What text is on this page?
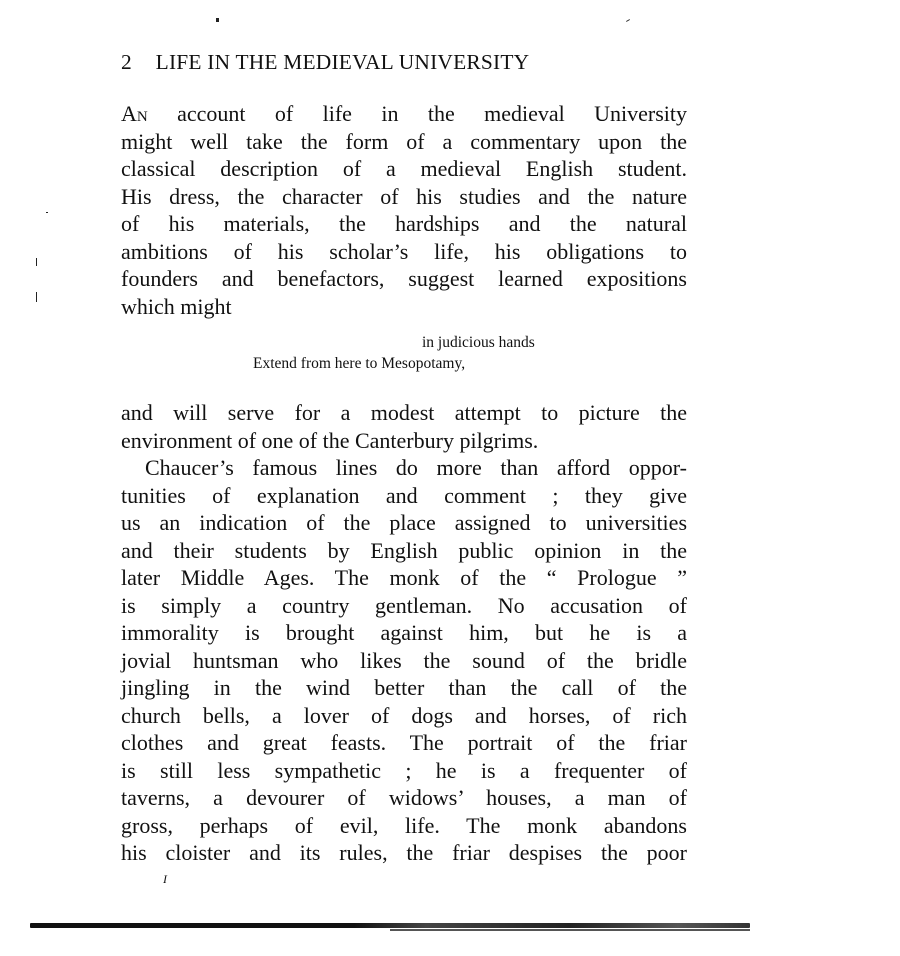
2 LIFE IN THE MEDIEVAL UNIVERSITY
An account of life in the medieval University
might well take the form of a commentary upon the
classical description of a medieval English student.
His dress, the character of his studies and the nature
of his materials, the hardships and the natural
ambitions of his scholar’s life, his obligations to
founders and benefactors, suggest learned expositions
which might
in judicious hands
Extend from here to Mesopotamy,
and will serve for a modest attempt to picture the
environment of one of the Canterbury pilgrims.
Chaucer’s famous lines do more than afford oppor-
tunities of explanation and comment ; they give
us an indication of the place assigned to universities
and their students by English public opinion in the
later Middle Ages. The monk of the “ Prologue ”
is simply a country gentleman. No accusation of
immorality is brought against him, but he is a
jovial huntsman who likes the sound of the bridle
jingling in the wind better than the call of the
church bells, a lover of dogs and horses, of rich
clothes and great feasts. The portrait of the friar
is still less sympathetic ; he is a frequenter of
taverns, a devourer of widows’ houses, a man of
gross, perhaps of evil, life. The monk abandons
his cloister and its rules, the friar despises the poor
I
